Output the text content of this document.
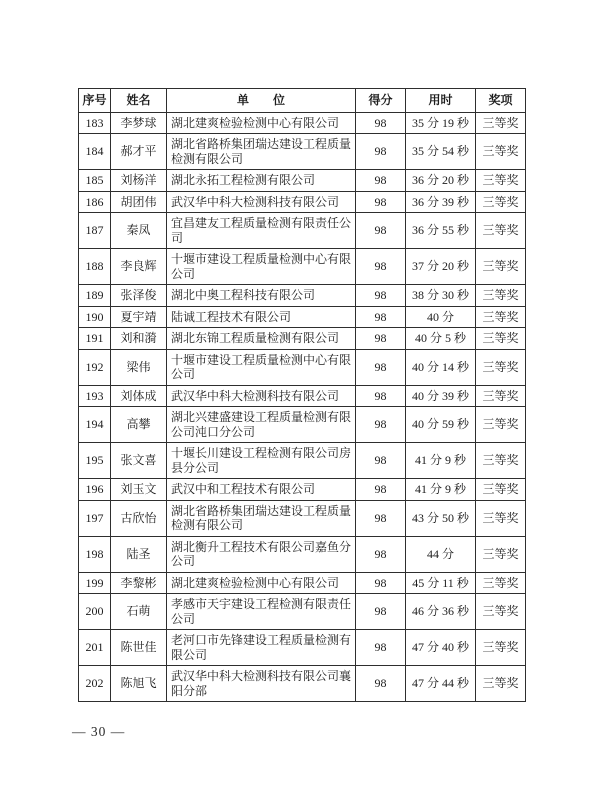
序号	姓名	单　　位	得分	用时	奖项
183	李梦球	湖北建爽检验检测中心有限公司	98	35 分 19 秒	三等奖
184	郝才平	湖北省路桥集团瑞达建设工程质量检测有限公司	98	35 分 54 秒	三等奖
185	刘杨洋	湖北永拓工程检测有限公司	98	36 分 20 秒	三等奖
186	胡团伟	武汉华中科大检测科技有限公司	98	36 分 39 秒	三等奖
187	秦凤	宜昌建友工程质量检测有限责任公司	98	36 分 55 秒	三等奖
188	李良辉	十堰市建设工程质量检测中心有限公司	98	37 分 20 秒	三等奖
189	张泽俊	湖北中奥工程科技有限公司	98	38 分 30 秒	三等奖
190	夏宇靖	陆诚工程技术有限公司	98	40 分	三等奖
191	刘和漪	湖北东锦工程质量检测有限公司	98	40 分 5 秒	三等奖
192	梁伟	十堰市建设工程质量检测中心有限公司	98	40 分 14 秒	三等奖
193	刘体成	武汉华中科大检测科技有限公司	98	40 分 39 秒	三等奖
194	高攀	湖北兴建盛建设工程质量检测有限公司沌口分公司	98	40 分 59 秒	三等奖
195	张文喜	十堰长川建设工程检测有限公司房县分公司	98	41 分 9 秒	三等奖
196	刘玉文	武汉中和工程技术有限公司	98	41 分 9 秒	三等奖
197	古欣怡	湖北省路桥集团瑞达建设工程质量检测有限公司	98	43 分 50 秒	三等奖
198	陆圣	湖北衡升工程技术有限公司嘉鱼分公司	98	44 分	三等奖
199	李黎彬	湖北建爽检验检测中心有限公司	98	45 分 11 秒	三等奖
200	石萌	孝感市天宇建设工程检测有限责任公司	98	46 分 36 秒	三等奖
201	陈世佳	老河口市先锋建设工程质量检测有限公司	98	47 分 40 秒	三等奖
202	陈旭飞	武汉华中科大检测科技有限公司襄阳分部	98	47 分 44 秒	三等奖
— 30 —
